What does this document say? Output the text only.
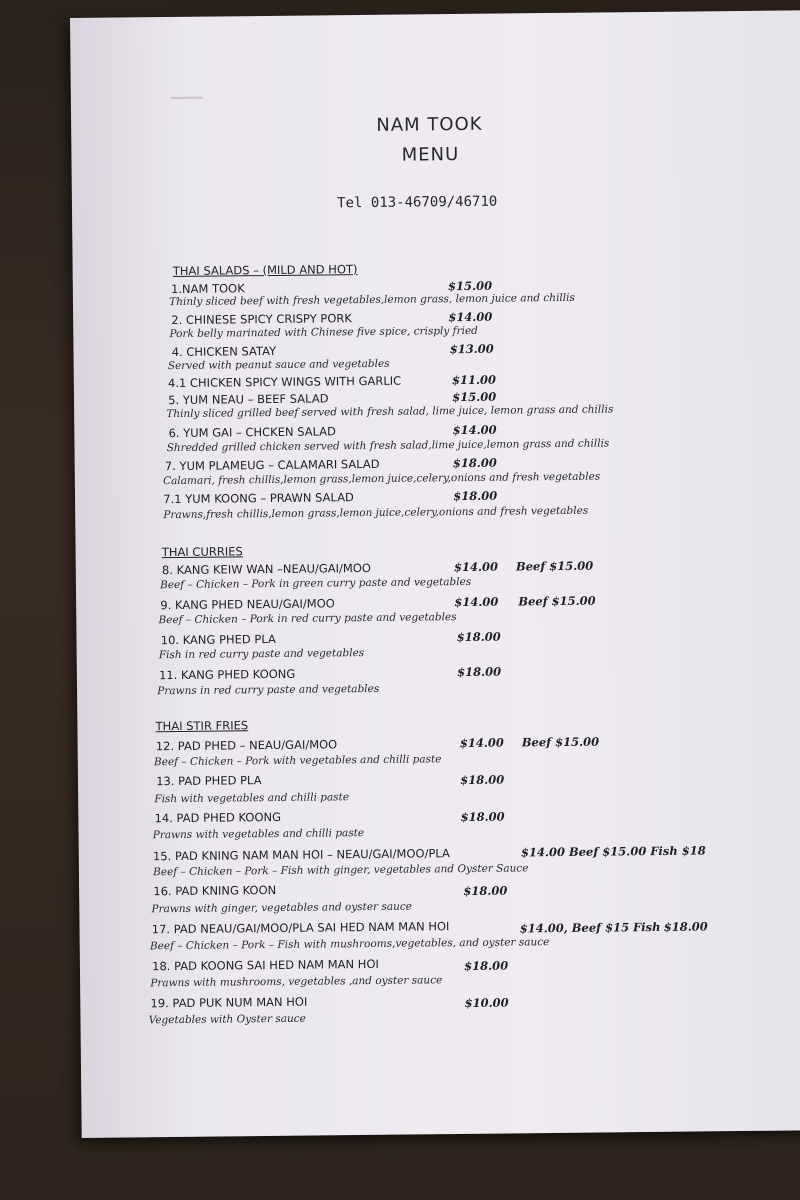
NAM TOOK
MENU
Tel 013-46709/46710
THAI SALADS – (MILD AND HOT)
1.NAM TOOK	$15.00
Thinly sliced beef with fresh vegetables,lemon grass, lemon juice and chillis
2. CHINESE SPICY CRISPY PORK	$14.00
Pork belly marinated with Chinese five spice, crisply fried
4. CHICKEN SATAY	$13.00
Served with peanut sauce and vegetables
4.1 CHICKEN SPICY WINGS WITH GARLIC	$11.00
5. YUM NEAU – BEEF SALAD	$15.00
Thinly sliced grilled beef served with fresh salad, lime juice, lemon grass and chillis
6. YUM GAI – CHCKEN SALAD	$14.00
Shredded grilled chicken served with fresh salad,lime juice,lemon grass and chillis
7. YUM PLAMEUG – CALAMARI SALAD	$18.00
Calamari, fresh chillis,lemon grass,lemon juice,celery,onions and fresh vegetables
7.1 YUM KOONG – PRAWN SALAD	$18.00
Prawns,fresh chillis,lemon grass,lemon juice,celery,onions and fresh vegetables
THAI CURRIES
8. KANG KEIW WAN –NEAU/GAI/MOO	$14.00 Beef $15.00
Beef – Chicken – Pork in green curry paste and vegetables
9. KANG PHED NEAU/GAI/MOO	$14.00 Beef $15.00
Beef – Chicken – Pork in red curry paste and vegetables
10. KANG PHED PLA	$18.00
Fish in red curry paste and vegetables
11. KANG PHED KOONG	$18.00
Prawns in red curry paste and vegetables
THAI STIR FRIES
12. PAD PHED – NEAU/GAI/MOO	$14.00 Beef $15.00
Beef – Chicken – Pork with vegetables and chilli paste
13. PAD PHED PLA	$18.00
Fish with vegetables and chilli paste
14. PAD PHED KOONG	$18.00
Prawns with vegetables and chilli paste
15. PAD KNING NAM MAN HOI – NEAU/GAI/MOO/PLA	$14.00 Beef $15.00 Fish $18
Beef – Chicken – Pork – Fish with ginger, vegetables and Oyster Sauce
16. PAD KNING KOON	$18.00
Prawns with ginger, vegetables and oyster sauce
17. PAD NEAU/GAI/MOO/PLA SAI HED NAM MAN HOI	$14.00, Beef $15 Fish $18.00
Beef – Chicken – Pork – Fish with mushrooms,vegetables, and oyster sauce
18. PAD KOONG SAI HED NAM MAN HOI	$18.00
Prawns with mushrooms, vegetables ,and oyster sauce
19. PAD PUK NUM MAN HOI	$10.00
Vegetables with Oyster sauce
